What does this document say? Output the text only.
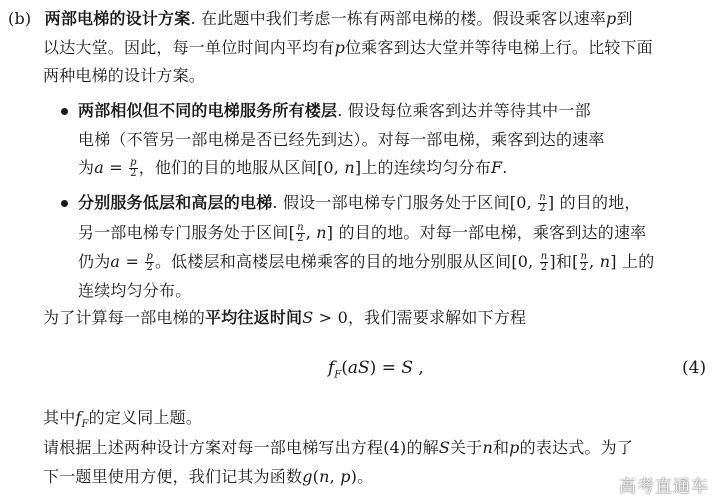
(b) 两部电梯的设计方案. 在此题中我们考虑一栋有两部电梯的楼。假设乘客以速率p到
以达大堂。因此，每一单位时间内平均有p位乘客到达大堂并等待电梯上行。比较下面
两种电梯的设计方案。
两部相似但不同的电梯服务所有楼层. 假设每位乘客到达并等待其中一部
电梯（不管另一部电梯是否已经先到达）。对每一部电梯，乘客到达的速率
为$a = \frac{p}{2}$ ，他们的目的地服从区间[0, n]上的连续均匀分布F.
分别服务低层和高层的电梯. 假设一部电梯专门服务处于区间[0, $\frac{n}{2}$ ] 的目的地，
另一部电梯专门服务处于区间[ $\frac{n}{2}$ , n] 的目的地。对每一部电梯，乘客到达的速率
仍为$a = \frac{p}{2}$ 。低楼层和高楼层电梯乘客的目的地分别服从区间[0, $\frac{n}{2}$ ]和[ $\frac{n}{2}$ , n] 上的
连续均匀分布。
为了计算每一部电梯的平均往返时间S > 0，我们需要求解如下方程
$f_F(aS) = S$ ,	(4)
其中$f_F$的定义同上题。
请根据上述两种设计方案对每一部电梯写出方程(4)的解S关于n和p的表达式。为了
下一题里使用方便，我们记其为函数g(n, p)。
高考直通车
